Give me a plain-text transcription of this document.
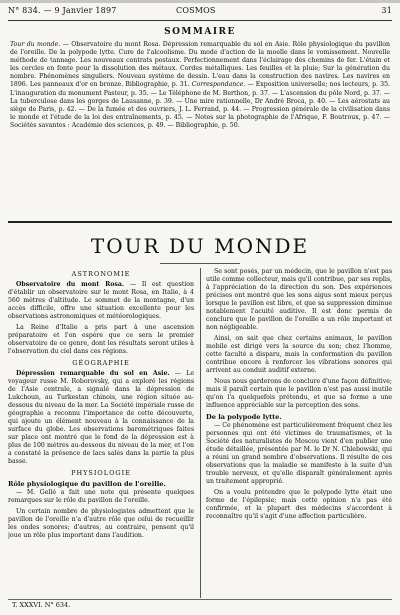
N° 834. — 9 Janvier 1897	COSMOS	31
SOMMAIRE
Tour du monde. — Observatoire du mont Rosa. Dépression remarquable du sol en Asie. Rôle physiologique du pavillon de l'oreille. De la polypode lytte. Cure de l'alcoolisme. Du mode d'action de la moelle dans le vomissement. Nouvelle méthode de tannage. Les nouveaux contrats postaux. Perfectionnement dans l'éclairage des chemins de fer. L'étain et les cercles en fonte pour la dissolution des métaux. Cordes métalliques. Les feuilles et la pluie; Sur la génération du nombre. Phénomènes singuliers. Nouveau système de dessin. L'eau dans la construction des navires. Les navires en 1896. Les panneaux d'or en bronze. Bibliographie, p. 31. Correspondance. — Exposition universelle; nos lecteurs, p. 35. L'inauguration du monument Pasteur, p. 35. — Le Téléphone de M. Berthon, p. 37. — L'ascension du pôle Nord, p. 37. — La tuberculose dans les gorges de Lausanne, p. 39. — Une mire rationnelle, Dr André Broca, p. 40. — Les aérostats au siège de Paris, p. 42. — De la fumée et des ouvriers, J. L. Ferrand, p. 44. — Progression générale de la civilisation dans le monde et l'étude de la loi des entraînements, p. 45. — Notes sur la photographie de l'Afrique, F. Boutroux, p. 47. — Sociétés savantes : Académie des sciences, p. 49. — Bibliographie, p. 50.
TOUR DU MONDE
ASTRONOMIE

Observatoire du mont Rosa. — Il est question d'établir un observatoire sur le mont Rosa, en Italie, à 4 560 mètres d'altitude. Le sommet de la montagne, d'un accès difficile, offre une situation excellente pour les observations astronomiques et météorologiques.

La Reine d'Italie a pris part à une ascension préparatoire et l'on espère que ce sera le premier observatoire de ce genre, dont les résultats seront utiles à l'observation du ciel dans ces régions.

GÉOGRAPHIE

Dépression remarquable du sol en Asie. — Le voyageur russe M. Roborovsky, qui a exploré les régions de l'Asie centrale, a signalé dans la dépression de Lukchoun, au Turkestan chinois, une région située au-dessous du niveau de la mer. La Société impériale russe de géographie a reconnu l'importance de cette découverte, qui ajoute un élément nouveau à la connaissance de la surface du globe. Les observations barométriques faites sur place ont montré que le fond de la dépression est à plus de 100 mètres au-dessous du niveau de la mer, et l'on a constaté la présence de lacs salés dans la partie la plus basse.

PHYSIOLOGIE
Rôle physiologique du pavillon de l'oreille.

— M. Gellé a fait une note qui présente quelques remarques sur le rôle du pavillon de l'oreille.

Un certain nombre de physiologistes admettent que le pavillon de l'oreille n'a d'autre rôle que celui de recueillir les ondes sonores; d'autres, au contraire, pensent qu'il joue un rôle plus important dans l'audition.

Se sont posés, par un médecin, que le pavillon n'est pas utile comme collecteur, mais qu'il contribue, par ses replis, à l'appréciation de la direction du son. Des expériences précises ont montré que les sons aigus sont mieux perçus lorsque le pavillon est libre, et que sa suppression diminue notablement l'acuité auditive. Il est donc permis de conclure que le pavillon de l'oreille a un rôle important et non négligeable.

Ainsi, on sait que chez certains animaux, le pavillon mobile est dirigé vers la source du son; chez l'homme, cette faculté a disparu, mais la conformation du pavillon contribue encore à renforcer les vibrations sonores qui arrivent au conduit auditif externe.

Nous nous garderons de conclure d'une façon définitive; mais il paraît certain que le pavillon n'est pas aussi inutile qu'on l'a quelquefois prétendu, et que sa forme a une influence appréciable sur la perception des sons.

De la polypode lytte.

— Ce phénomène est particulièrement fréquent chez les personnes qui ont été victimes de traumatismes, et la Société des naturalistes de Moscou vient d'en publier une étude détaillée, présentée par M. le Dr N. Chlebowski, qui a réuni un grand nombre d'observations. Il résulte de ces observations que la maladie se manifeste à la suite d'un trouble nerveux, et qu'elle disparaît généralement après un traitement approprié.

On a voulu prétendre que le polypode lytte était une forme de l'épilepsie; mais cette opinion n'a pas été confirmée, et la plupart des médecins s'accordent à reconnaître qu'il s'agit d'une affection particulière.

T. XXXVI. N° 634.
